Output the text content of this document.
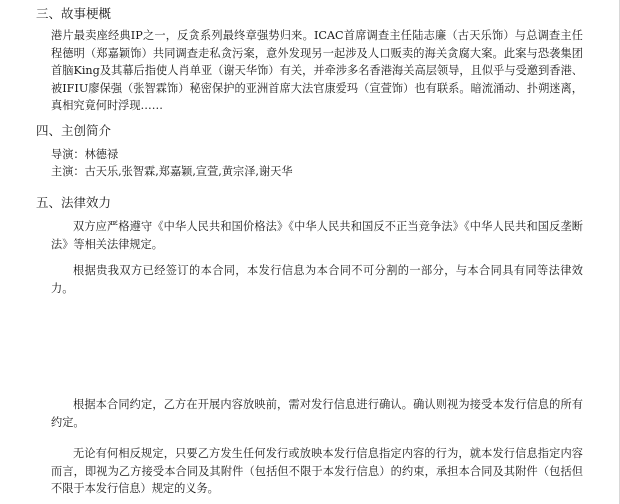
三、故事梗概

港片最卖座经典IP之一，反贪系列最终章强势归来。ICAC首席调查主任陆志廉（古天乐饰）与总调查主任程德明（郑嘉颖饰）共同调查走私贪污案，意外发现另一起涉及人口贩卖的海关贪腐大案。此案与恐袭集团首脑King及其幕后指使人肖单亚（谢天华饰）有关，并牵涉多名香港海关高层领导，且似乎与受邀到香港、被IFIU廖保强（张智霖饰）秘密保护的亚洲首席大法官康爱玛（宣萱饰）也有联系。暗流涌动、扑朔迷离，真相究竟何时浮现……

四、主创简介
导演：林德禄
主演：古天乐,张智霖,郑嘉颖,宣萱,黄宗泽,谢天华
五、法律效力

双方应严格遵守《中华人民共和国价格法》《中华人民共和国反不正当竞争法》《中华人民共和国反垄断法》等相关法律规定。

根据贵我双方已经签订的本合同，本发行信息为本合同不可分割的一部分，与本合同具有同等法律效力。

根据本合同约定，乙方在开展内容放映前，需对发行信息进行确认。确认则视为接受本发行信息的所有约定。

无论有何相反规定，只要乙方发生任何发行或放映本发行信息指定内容的行为，就本发行信息指定内容而言，即视为乙方接受本合同及其附件（包括但不限于本发行信息）的约束，承担本合同及其附件（包括但不限于本发行信息）规定的义务。
